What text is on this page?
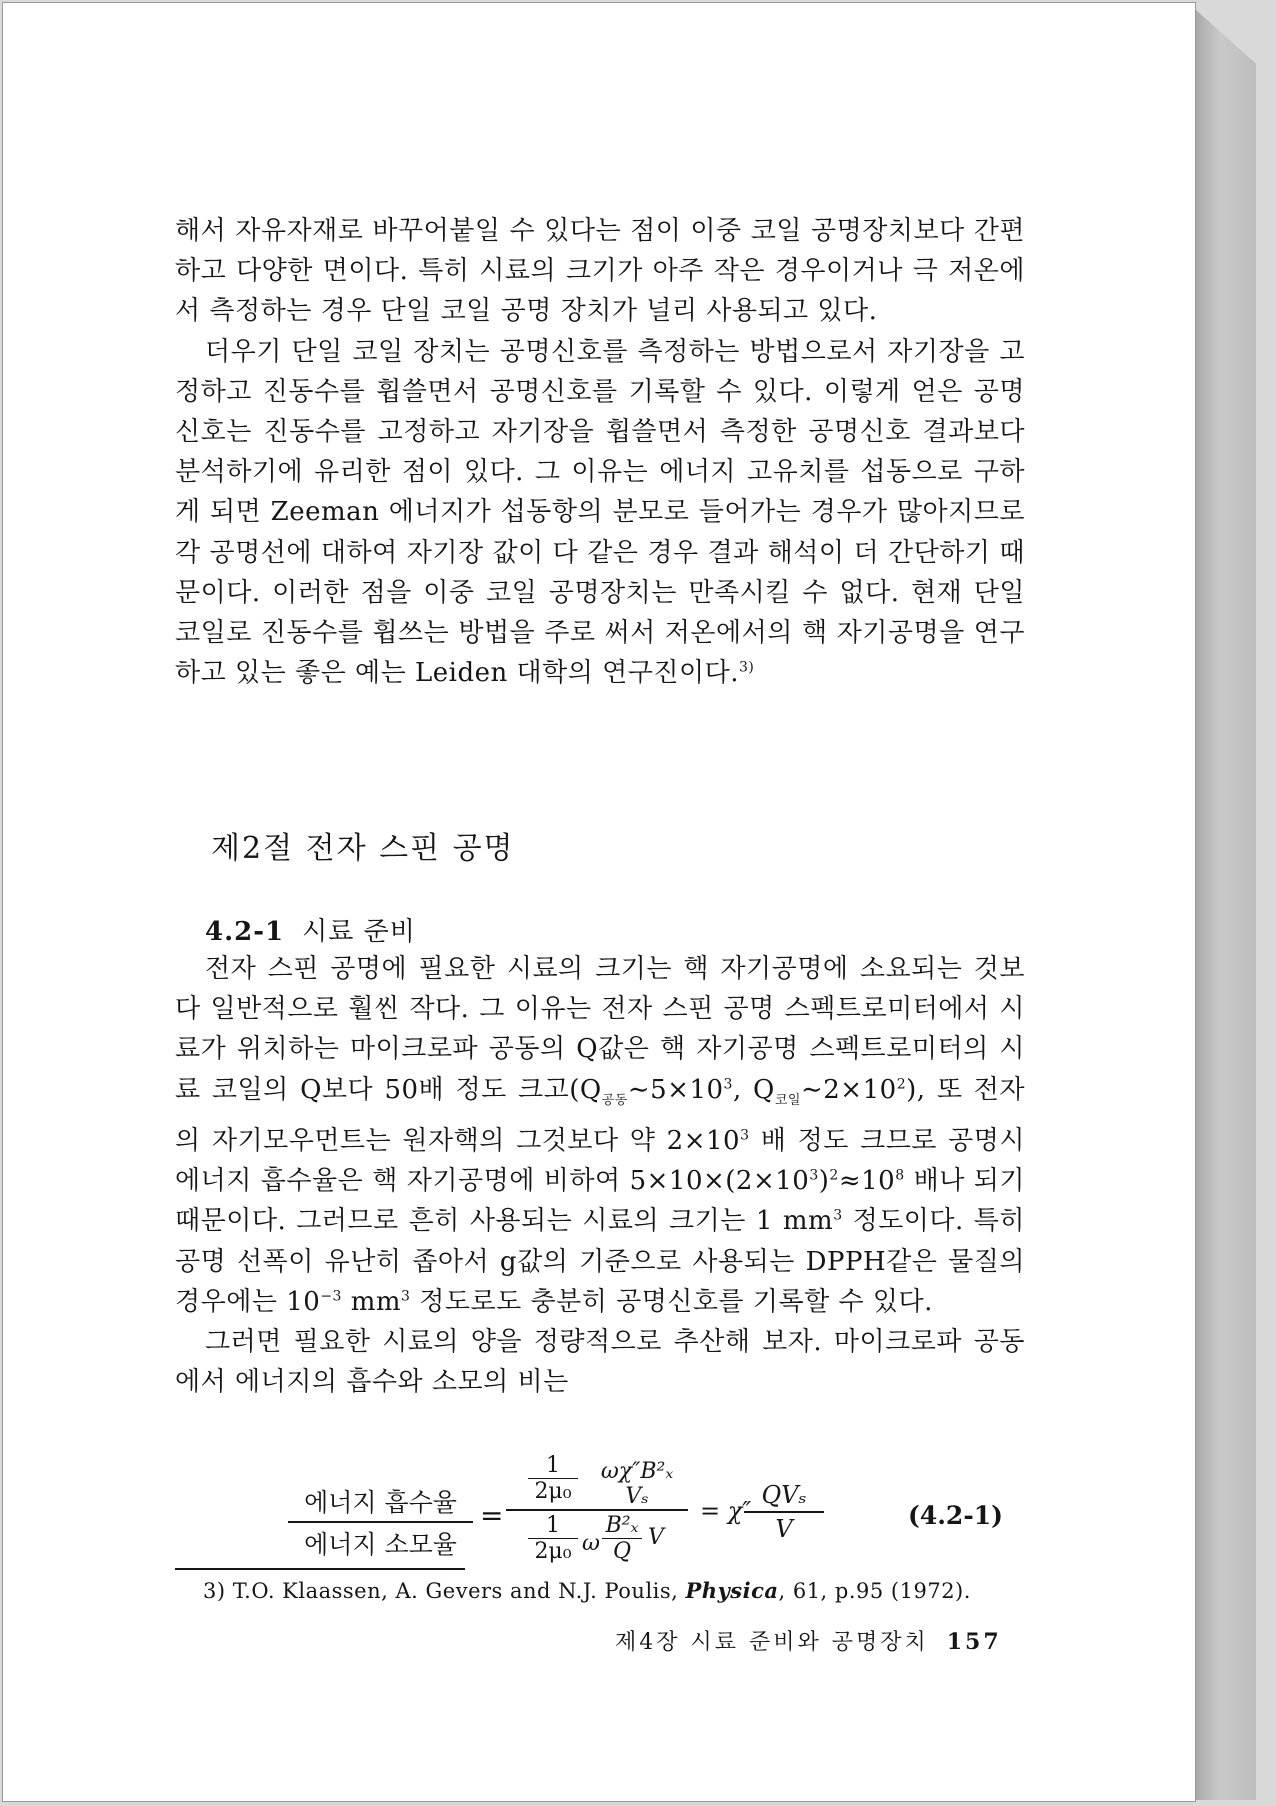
해서 자유자재로 바꾸어붙일 수 있다는 점이 이중 코일 공명장치보다 간편하고 다양한 면이다. 특히 시료의 크기가 아주 작은 경우이거나 극 저온에서 측정하는 경우 단일 코일 공명 장치가 널리 사용되고 있다.

더우기 단일 코일 장치는 공명신호를 측정하는 방법으로서 자기장을 고정하고 진동수를 휩쓸면서 공명신호를 기록할 수 있다. 이렇게 얻은 공명신호는 진동수를 고정하고 자기장을 휩쓸면서 측정한 공명신호 결과보다 분석하기에 유리한 점이 있다. 그 이유는 에너지 고유치를 섭동으로 구하게 되면 Zeeman 에너지가 섭동항의 분모로 들어가는 경우가 많아지므로 각 공명선에 대하여 자기장 값이 다 같은 경우 결과 해석이 더 간단하기 때문이다. 이러한 점을 이중 코일 공명장치는 만족시킬 수 없다. 현재 단일 코일로 진동수를 휩쓰는 방법을 주로 써서 저온에서의 핵 자기공명을 연구하고 있는 좋은 예는 Leiden 대학의 연구진이다.$^{3)}$

제2절 전자 스핀 공명
4.2-1 시료 준비

전자 스핀 공명에 필요한 시료의 크기는 핵 자기공명에 소요되는 것보다 일반적으로 훨씬 작다. 그 이유는 전자 스핀 공명 스펙트로미터에서 시료가 위치하는 마이크로파 공동의 Q값은 핵 자기공명 스펙트로미터의 시료 코일의 Q보다 50배 정도 크고($Q_{공동}\sim 5\times 10^3$, $Q_{코일}\sim 2\times 10^2$), 또 전자의 자기모우먼트는 원자핵의 그것보다 약 $2\times 10^3$ 배 정도 크므로 공명시 에너지 흡수율은 핵 자기공명에 비하여 $5\times 10\times(2\times 10^3)^2\approx 10^8$ 배나 되기 때문이다. 그러므로 흔히 사용되는 시료의 크기는 1 $mm^3$ 정도이다. 특히 공명 선폭이 유난히 좁아서 g값의 기준으로 사용되는 DPPH같은 물질의 경우에는 $10^{-3}$ $mm^3$ 정도로도 충분히 공명신호를 기록할 수 있다.

그러면 필요한 시료의 양을 정량적으로 추산해 보자. 마이크로파 공동에서 에너지의 흡수와 소모의 비는

에너지 흡수율
에너지 소모율
=
1
2μ₀
ωχ″B²ₓ Vₛ
1
2μ₀ ω
B²ₓ
Q
V
= χ″
QVₛ
V	(4.2-1)
3) T.O. Klaassen, A. Gevers and N.J. Poulis, Physica, 61, p.95 (1972).
제4장 시료 준비와 공명장치 157
